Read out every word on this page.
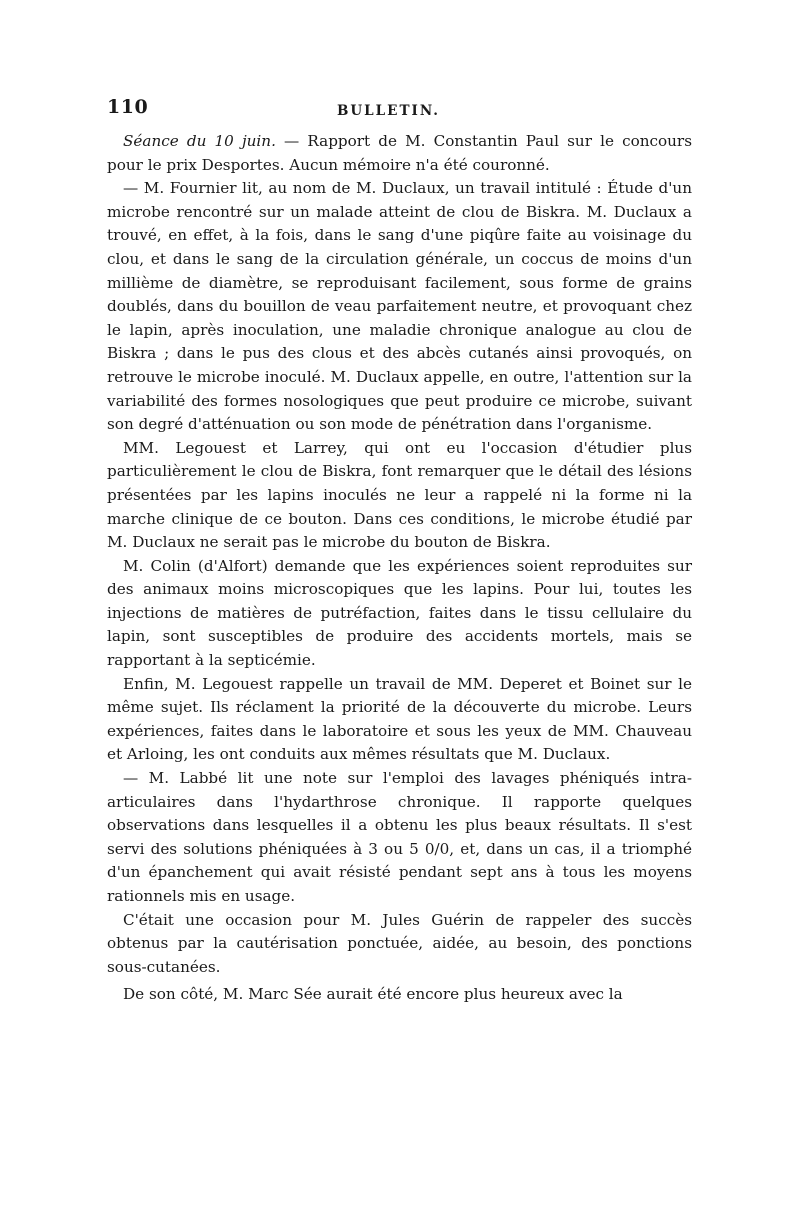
110	BULLETIN.

Séance du 10 juin. — Rapport de M. Constantin Paul sur le concours pour le prix Desportes. Aucun mémoire n'a été couronné.

— M. Fournier lit, au nom de M. Duclaux, un travail intitulé : Étude d'un microbe rencontré sur un malade atteint de clou de Biskra. M. Duclaux a trouvé, en effet, à la fois, dans le sang d'une piqûre faite au voisinage du clou, et dans le sang de la circulation générale, un coccus de moins d'un millième de diamètre, se reproduisant facilement, sous forme de grains doublés, dans du bouillon de veau parfaitement neutre, et provoquant chez le lapin, après inoculation, une maladie chronique analogue au clou de Biskra ; dans le pus des clous et des abcès cutanés ainsi provoqués, on retrouve le microbe inoculé. M. Duclaux appelle, en outre, l'attention sur la variabilité des formes nosologiques que peut produire ce microbe, suivant son degré d'atténuation ou son mode de pénétration dans l'organisme.

MM. Legouest et Larrey, qui ont eu l'occasion d'étudier plus particulièrement le clou de Biskra, font remarquer que le détail des lésions présentées par les lapins inoculés ne leur a rappelé ni la forme ni la marche clinique de ce bouton. Dans ces conditions, le microbe étudié par M. Duclaux ne serait pas le microbe du bouton de Biskra.

M. Colin (d'Alfort) demande que les expériences soient reproduites sur des animaux moins microscopiques que les lapins. Pour lui, toutes les injections de matières de putréfaction, faites dans le tissu cellulaire du lapin, sont susceptibles de produire des accidents mortels, mais se rapportant à la septicémie.

Enfin, M. Legouest rappelle un travail de MM. Deperet et Boinet sur le même sujet. Ils réclament la priorité de la découverte du microbe. Leurs expériences, faites dans le laboratoire et sous les yeux de MM. Chauveau et Arloing, les ont conduits aux mêmes résultats que M. Duclaux.

— M. Labbé lit une note sur l'emploi des lavages phéniqués intra-articulaires dans l'hydarthrose chronique. Il rapporte quelques observations dans lesquelles il a obtenu les plus beaux résultats. Il s'est servi des solutions phéniquées à 3 ou 5 0/0, et, dans un cas, il a triomphé d'un épanchement qui avait résisté pendant sept ans à tous les moyens rationnels mis en usage.

C'était une occasion pour M. Jules Guérin de rappeler des succès obtenus par la cautérisation ponctuée, aidée, au besoin, des ponctions sous-cutanées.

De son côté, M. Marc Sée aurait été encore plus heureux avec la
